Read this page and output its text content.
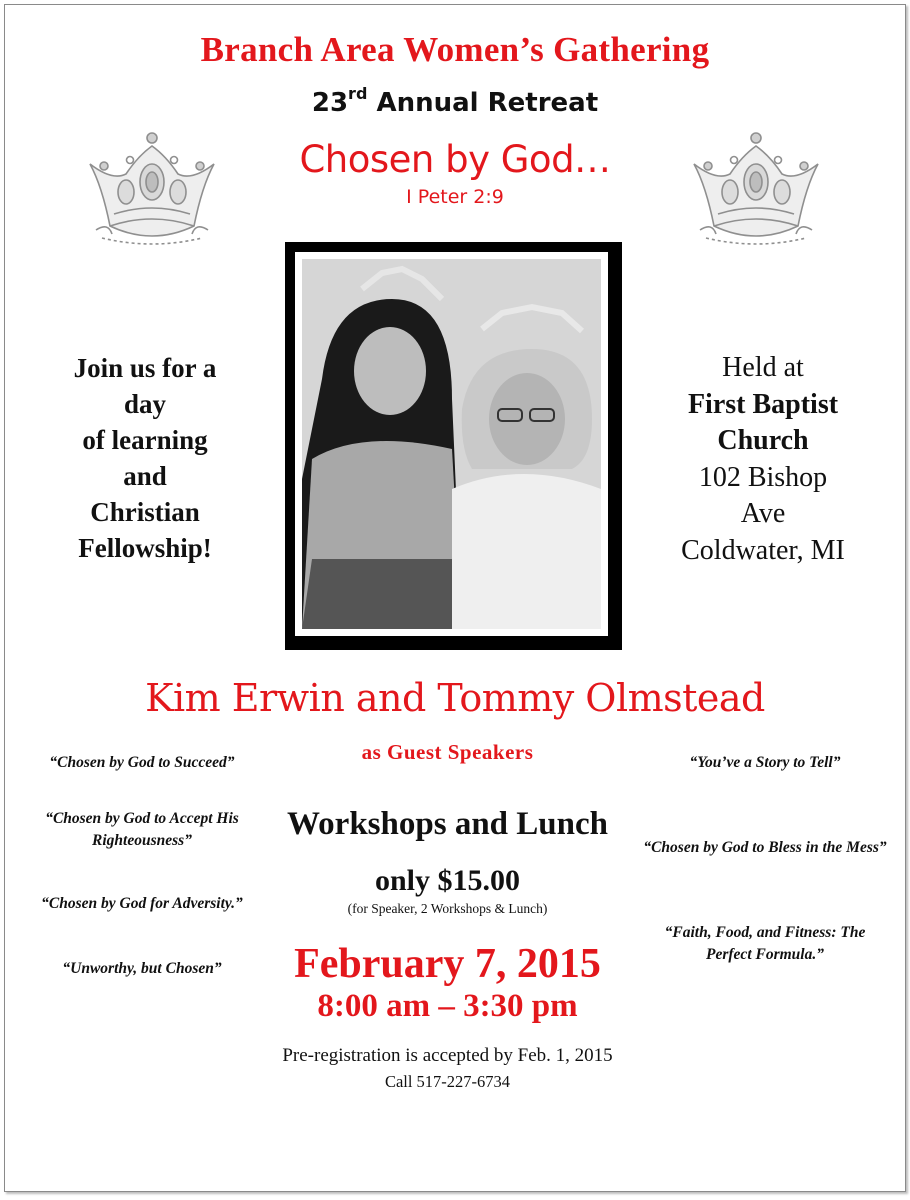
Branch Area Women’s Gathering
23rd Annual Retreat
Chosen by God…
I Peter 2:9
Join us for a
day
of learning
and
Christian
Fellowship!
Held at
First Baptist
Church
102 Bishop
Ave
Coldwater, MI
Kim Erwin and Tommy Olmstead
as Guest Speakers
“Chosen by God to Succeed”
“Chosen by God to Accept His Righteousness”
“Chosen by God for Adversity.”
“Unworthy, but Chosen”
“You’ve a Story to Tell”
“Chosen by God to Bless in the Mess”
“Faith, Food, and Fitness: The Perfect Formula.”
Workshops and Lunch
only $15.00
(for Speaker, 2 Workshops & Lunch)
February 7, 2015
8:00 am – 3:30 pm
Pre-registration is accepted by Feb. 1, 2015
Call 517-227-6734
